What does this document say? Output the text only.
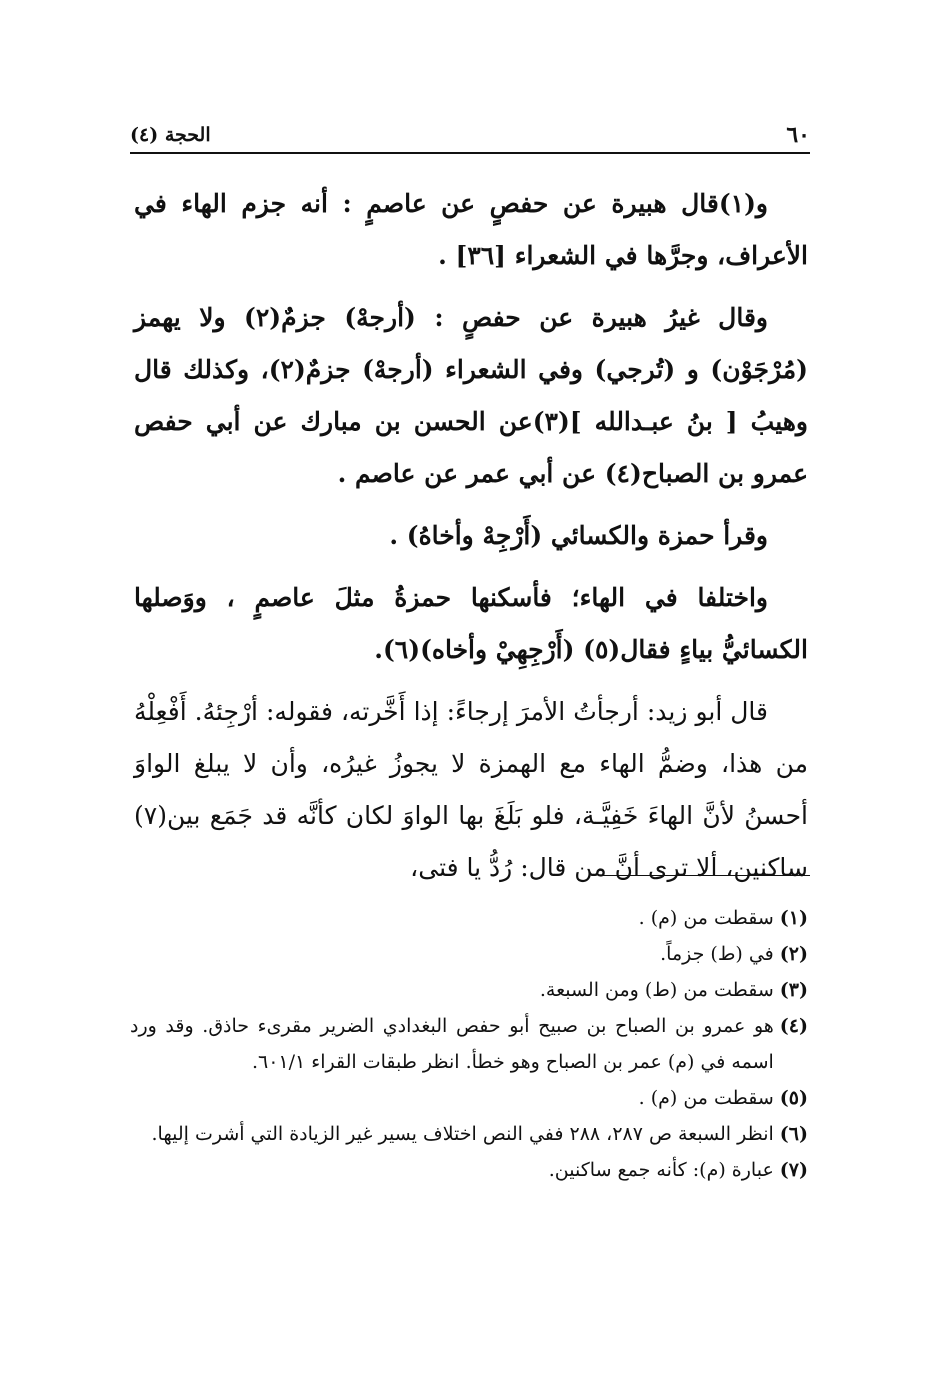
٦٠
الحجة (٤)

و(١)قال هبيرة عن حفصٍ عن عاصمٍ : أنه جزم الهاء في الأعراف، وجرَّها في الشعراء [٣٦] .

وقال غيرُ هبيرة عن حفصٍ : (أرجهْ) جزمٌ(٢) ولا يهمز (مُرْجَوْن) و (تُرجي) وفي الشعراء (أرجهْ) جزمٌ(٢)، وكذلك قال وهيبُ [ بنُ عبـدالله ](٣)عن الحسن بن مبارك عن أبي حفص عمرو بن الصباح(٤) عن أبي عمر عن عاصم .

وقرأ حمزة والكسائي (أَرْجِهْ وأخاهُ) .

واختلفا في الهاء؛ فأسكنها حمزةُ مثلَ عاصمٍ ، ووَصلها الكسائيُّ بياءٍ فقال(٥) (أَرْجِهِيْ وأخاه)(٦).

قال أبو زيد: أرجأتُ الأمرَ إرجاءً: إذا أَخَّرته، فقوله: أرْجِئهُ. أَفْعِلْهُ من هذا، وضمُّ الهاء مع الهمزة لا يجوزُ غيرُه، وأن لا يبلغ الواوَ أحسنُ لأنَّ الهاءَ خَفِيَّـة، فلو بَلَغَ بها الواوَ لكان كأنَّه قد جَمَع بين(٧) ساكنين، ألا ترى أنَّ من قال: رُدُّ يا فتى،

(١)
سقطت من (م) .
(٢)
في (ط) جزماً.
(٣)
سقطت من (ط) ومن السبعة.
(٤)
هو عمرو بن الصباح بن صبيح أبو حفص البغدادي الضرير مقرىء حاذق. وقد ورد اسمه في (م) عمر بن الصباح وهو خطأ. انظر طبقات القراء ٦٠١/١.
(٥)
سقطت من (م) .
(٦)
انظر السبعة ص ٢٨٧، ٢٨٨ ففي النص اختلاف يسير غير الزيادة التي أشرت إليها.
(٧)
عبارة (م): كأنه جمع ساكنين.
